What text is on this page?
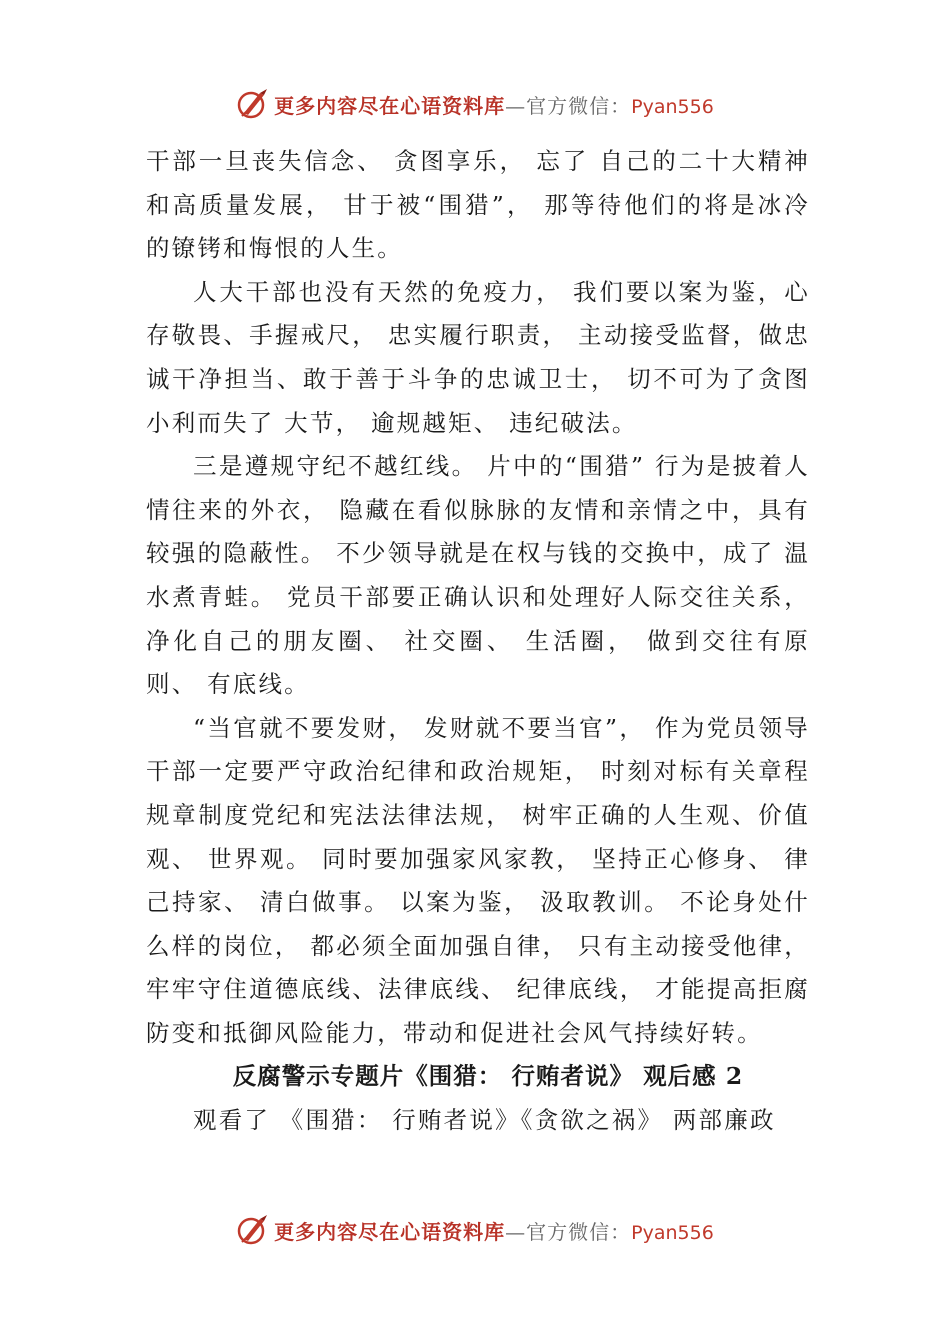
更多内容尽在心语资料库—官方微信：Pyan556

干部一旦丧失信念、 贪图享乐， 忘了 自己的二十大精神和高质量发展， 甘于被“围猎”， 那等待他们的将是冰冷的镣铐和悔恨的人生。

人大干部也没有天然的免疫力， 我们要以案为鉴，心存敬畏、手握戒尺， 忠实履行职责， 主动接受监督，做忠诚干净担当、敢于善于斗争的忠诚卫士， 切不可为了贪图小利而失了 大节， 逾规越矩、 违纪破法。

三是遵规守纪不越红线。 片中的“围猎” 行为是披着人情往来的外衣， 隐藏在看似脉脉的友情和亲情之中，具有较强的隐蔽性。 不少领导就是在权与钱的交换中，成了 温水煮青蛙。 党员干部要正确认识和处理好人际交往关系， 净化自己的朋友圈、 社交圈、 生活圈， 做到交往有原则、 有底线。

“当官就不要发财， 发财就不要当官”， 作为党员领导干部一定要严守政治纪律和政治规矩， 时刻对标有关章程规章制度党纪和宪法法律法规， 树牢正确的人生观、价值观、 世界观。 同时要加强家风家教， 坚持正心修身、 律己持家、 清白做事。 以案为鉴， 汲取教训。 不论身处什么样的岗位， 都必须全面加强自律， 只有主动接受他律， 牢牢守住道德底线、法律底线、 纪律底线， 才能提高拒腐防变和抵御风险能力，带动和促进社会风气持续好转。

反腐警示专题片《围猎： 行贿者说》 观后感 2

观看了 《围猎： 行贿者说》《贪欲之祸》 两部廉政

更多内容尽在心语资料库—官方微信：Pyan556
